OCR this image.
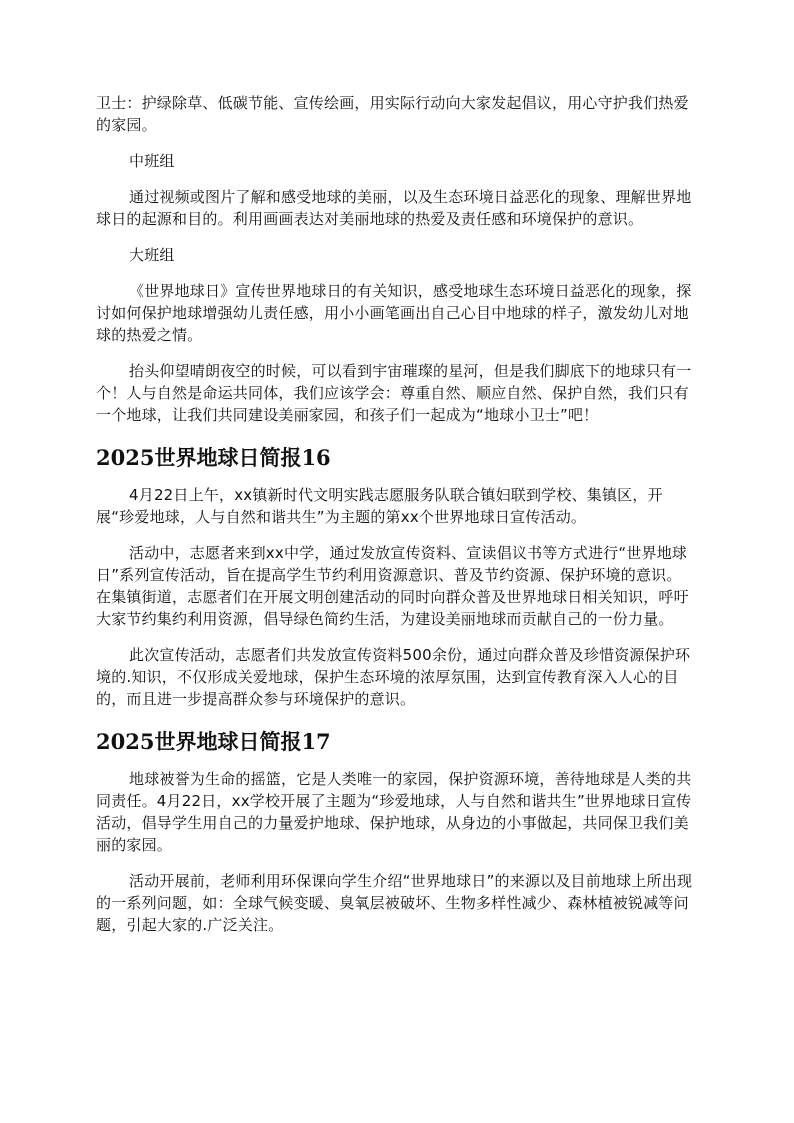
卫士：护绿除草、低碳节能、宣传绘画，用实际行动向大家发起倡议，用心守护我们热爱的家园。

中班组

通过视频或图片了解和感受地球的美丽，以及生态环境日益恶化的现象、理解世界地球日的起源和目的。利用画画表达对美丽地球的热爱及责任感和环境保护的意识。

大班组

《世界地球日》宣传世界地球日的有关知识，感受地球生态环境日益恶化的现象，探讨如何保护地球增强幼儿责任感，用小小画笔画出自己心目中地球的样子，激发幼儿对地球的热爱之情。

抬头仰望晴朗夜空的时候，可以看到宇宙璀璨的星河，但是我们脚底下的地球只有一个！人与自然是命运共同体，我们应该学会：尊重自然、顺应自然、保护自然，我们只有一个地球，让我们共同建设美丽家园，和孩子们一起成为“地球小卫士”吧！

2025世界地球日简报16

4月22日上午，xx镇新时代文明实践志愿服务队联合镇妇联到学校、集镇区，开展“珍爱地球，人与自然和谐共生”为主题的第xx个世界地球日宣传活动。

活动中，志愿者来到xx中学，通过发放宣传资料、宣读倡议书等方式进行“世界地球日”系列宣传活动，旨在提高学生节约利用资源意识、普及节约资源、保护环境的意识。在集镇街道，志愿者们在开展文明创建活动的同时向群众普及世界地球日相关知识，呼吁大家节约集约利用资源，倡导绿色简约生活，为建设美丽地球而贡献自己的一份力量。

此次宣传活动，志愿者们共发放宣传资料500余份，通过向群众普及珍惜资源保护环境的.知识，不仅形成关爱地球，保护生态环境的浓厚氛围，达到宣传教育深入人心的目的，而且进一步提高群众参与环境保护的意识。

2025世界地球日简报17

地球被誉为生命的摇篮，它是人类唯一的家园，保护资源环境，善待地球是人类的共同责任。4月22日，xx学校开展了主题为“珍爱地球，人与自然和谐共生”世界地球日宣传活动，倡导学生用自己的力量爱护地球、保护地球，从身边的小事做起，共同保卫我们美丽的家园。

活动开展前，老师利用环保课向学生介绍“世界地球日”的来源以及目前地球上所出现的一系列问题，如：全球气候变暖、臭氧层被破坏、生物多样性减少、森林植被锐减等问题，引起大家的.广泛关注。
